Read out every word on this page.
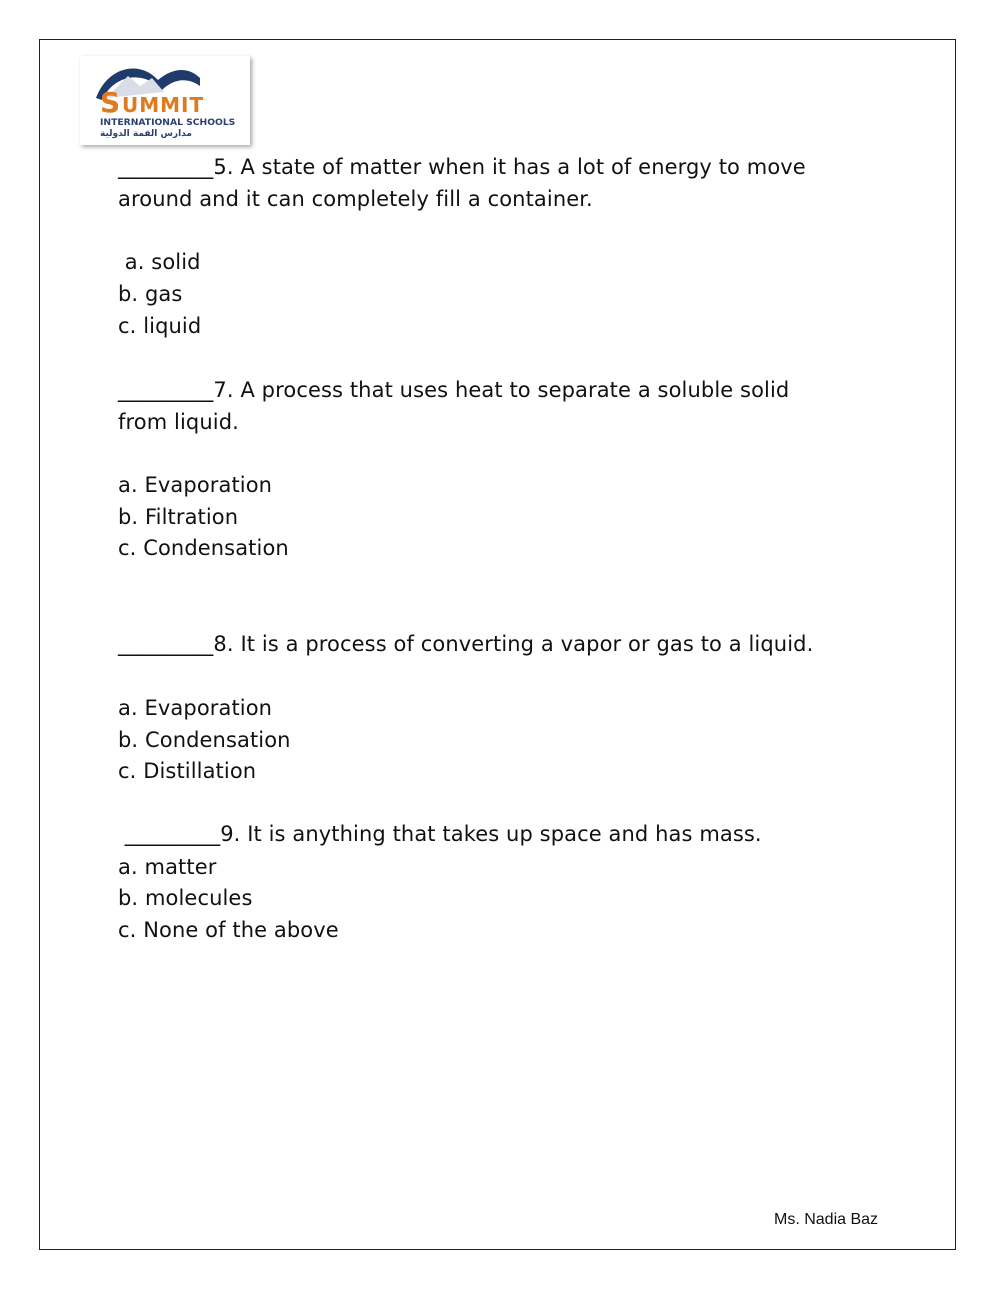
S UMMIT
INTERNATIONAL SCHOOLS
مدارس القمة الدولية
_________5. A state of matter when it has a lot of energy to move
around and it can completely fill a container.
a. solid
b. gas
c. liquid
_________7. A process that uses heat to separate a soluble solid
from liquid.
a. Evaporation
b. Filtration
c. Condensation
_________8. It is a process of converting a vapor or gas to a liquid.
a. Evaporation
b. Condensation
c. Distillation
_________9. It is anything that takes up space and has mass.
a. matter
b. molecules
c. None of the above
Ms. Nadia Baz
